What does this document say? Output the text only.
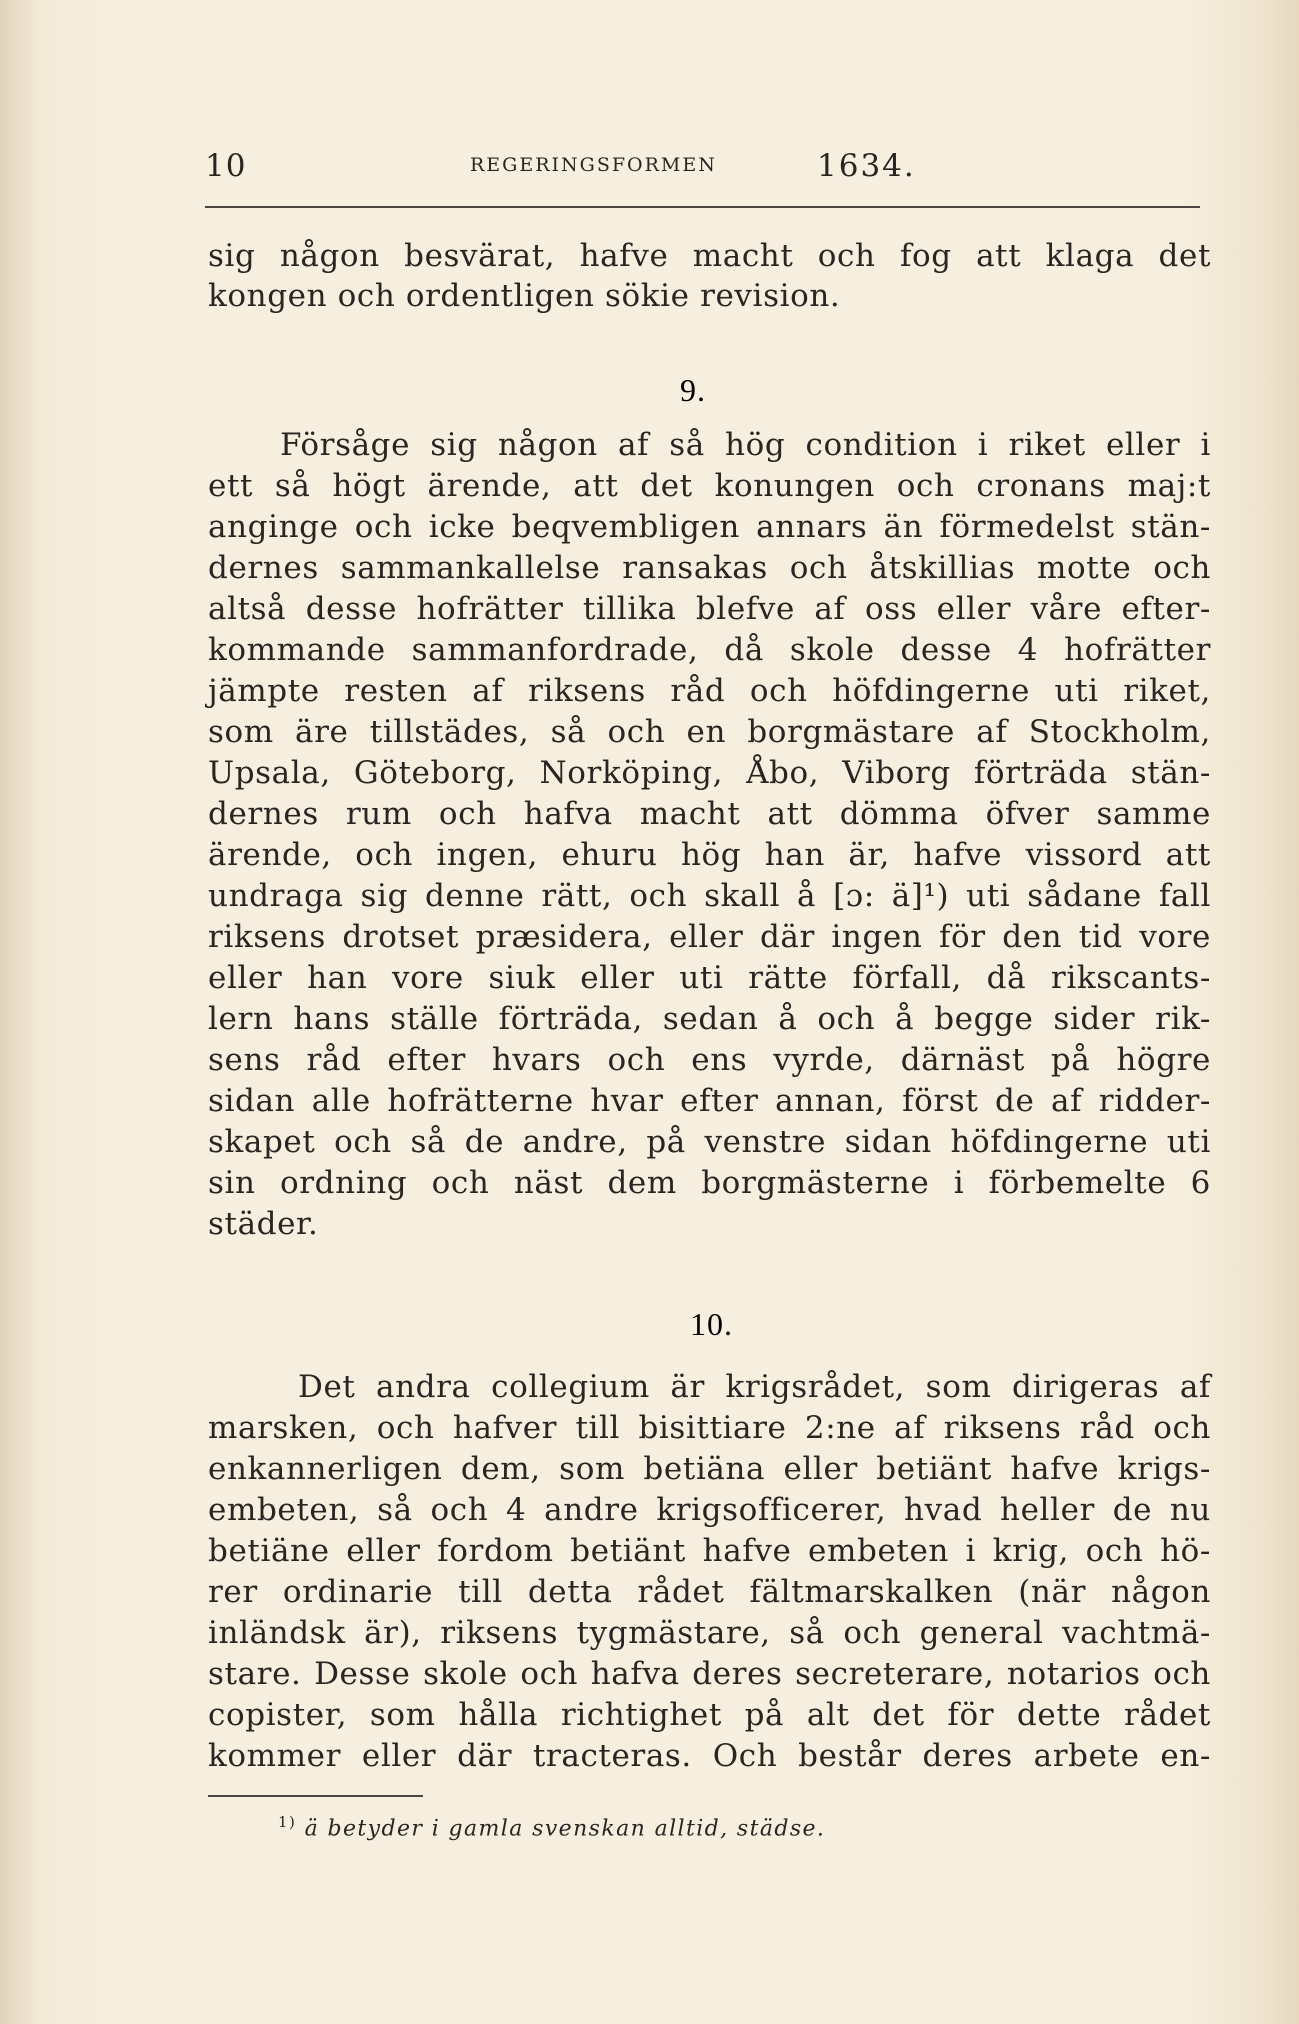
10	REGERINGSFORMEN	1634.
sig någon besvärat, hafve macht och fog att klaga det
kongen och ordentligen sökie revision.
9.
Försåge sig någon af så hög condition i riket eller i
ett så högt ärende, att det konungen och cronans maj:t
anginge och icke beqvembligen annars än förmedelst stän-
dernes sammankallelse ransakas och åtskillias motte och
altså desse hofrätter tillika blefve af oss eller våre efter-
kommande sammanfordrade, då skole desse 4 hofrätter
jämpte resten af riksens råd och höfdingerne uti riket,
som äre tillstädes, så och en borgmästare af Stockholm,
Upsala, Göteborg, Norköping, Åbo, Viborg förträda stän-
dernes rum och hafva macht att dömma öfver samme
ärende, och ingen, ehuru hög han är, hafve vissord att
undraga sig denne rätt, och skall å [ɔ: ä]¹) uti sådane fall
riksens drotset præsidera, eller där ingen för den tid vore
eller han vore siuk eller uti rätte förfall, då rikscants-
lern hans ställe förträda, sedan å och å begge sider rik-
sens råd efter hvars och ens vyrde, därnäst på högre
sidan alle hofrätterne hvar efter annan, först de af ridder-
skapet och så de andre, på venstre sidan höfdingerne uti
sin ordning och näst dem borgmästerne i förbemelte 6
städer.
10.
Det andra collegium är krigsrådet, som dirigeras af
marsken, och hafver till bisittiare 2:ne af riksens råd och
enkannerligen dem, som betiäna eller betiänt hafve krigs-
embeten, så och 4 andre krigsofficerer, hvad heller de nu
betiäne eller fordom betiänt hafve embeten i krig, och hö-
rer ordinarie till detta rådet fältmarskalken (när någon
inländsk är), riksens tygmästare, så och general vachtmä-
stare. Desse skole och hafva deres secreterare, notarios och
copister, som hålla richtighet på alt det för dette rådet
kommer eller där tracteras. Och består deres arbete en-
$^{1)}$ ä betyder i gamla svenskan alltid, städse.
